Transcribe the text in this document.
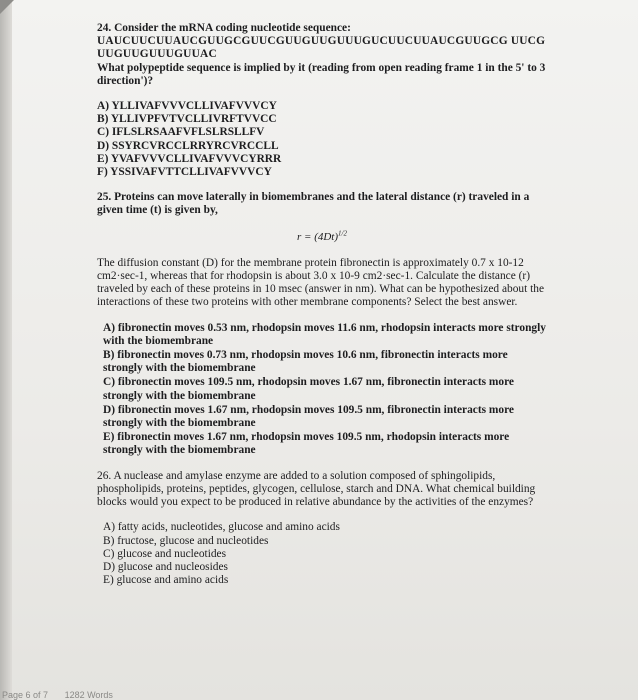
24. Consider the mRNA coding nucleotide sequence:
UAUCUUCUUAUCGUUGCGUUCGUUGUUGUUUGUCUUCUUAUCGUUGCG UUCGUUGUUGUUUGUUAC
What polypeptide sequence is implied by it (reading from open reading frame 1 in the 5' to 3 direction')?
A) YLLIVAFVVVCLLIVAFVVVCY
B) YLLIVPFVTVCLLIVRFTVVCC
C) IFLSLRSAAFVFLSLRSLLFV
D) SSYRCVRCCLRRYRCVRCCLL
E) YVAFVVVCLLIVAFVVVCYRRR
F) YSSIVAFVTTCLLIVAFVVVCY
25. Proteins can move laterally in biomembranes and the lateral distance (r) traveled in a given time (t) is given by,
$r = (4Dt)^{1/2}$
The diffusion constant (D) for the membrane protein fibronectin is approximately 0.7 x 10-12 cm2·sec-1, whereas that for rhodopsin is about 3.0 x 10-9 cm2·sec-1. Calculate the distance (r) traveled by each of these proteins in 10 msec (answer in nm). What can be hypothesized about the interactions of these two proteins with other membrane components? Select the best answer.
A) fibronectin moves 0.53 nm, rhodopsin moves 11.6 nm, rhodopsin interacts more strongly with the biomembrane
B) fibronectin moves 0.73 nm, rhodopsin moves 10.6 nm, fibronectin interacts more strongly with the biomembrane
C) fibronectin moves 109.5 nm, rhodopsin moves 1.67 nm, fibronectin interacts more strongly with the biomembrane
D) fibronectin moves 1.67 nm, rhodopsin moves 109.5 nm, fibronectin interacts more strongly with the biomembrane
E) fibronectin moves 1.67 nm, rhodopsin moves 109.5 nm, rhodopsin interacts more strongly with the biomembrane
26. A nuclease and amylase enzyme are added to a solution composed of sphingolipids, phospholipids, proteins, peptides, glycogen, cellulose, starch and DNA. What chemical building blocks would you expect to be produced in relative abundance by the activities of the enzymes?
A) fatty acids, nucleotides, glucose and amino acids
B) fructose, glucose and nucleotides
C) glucose and nucleotides
D) glucose and nucleosides
E) glucose and amino acids
Page 6 of 7 1282 Words
